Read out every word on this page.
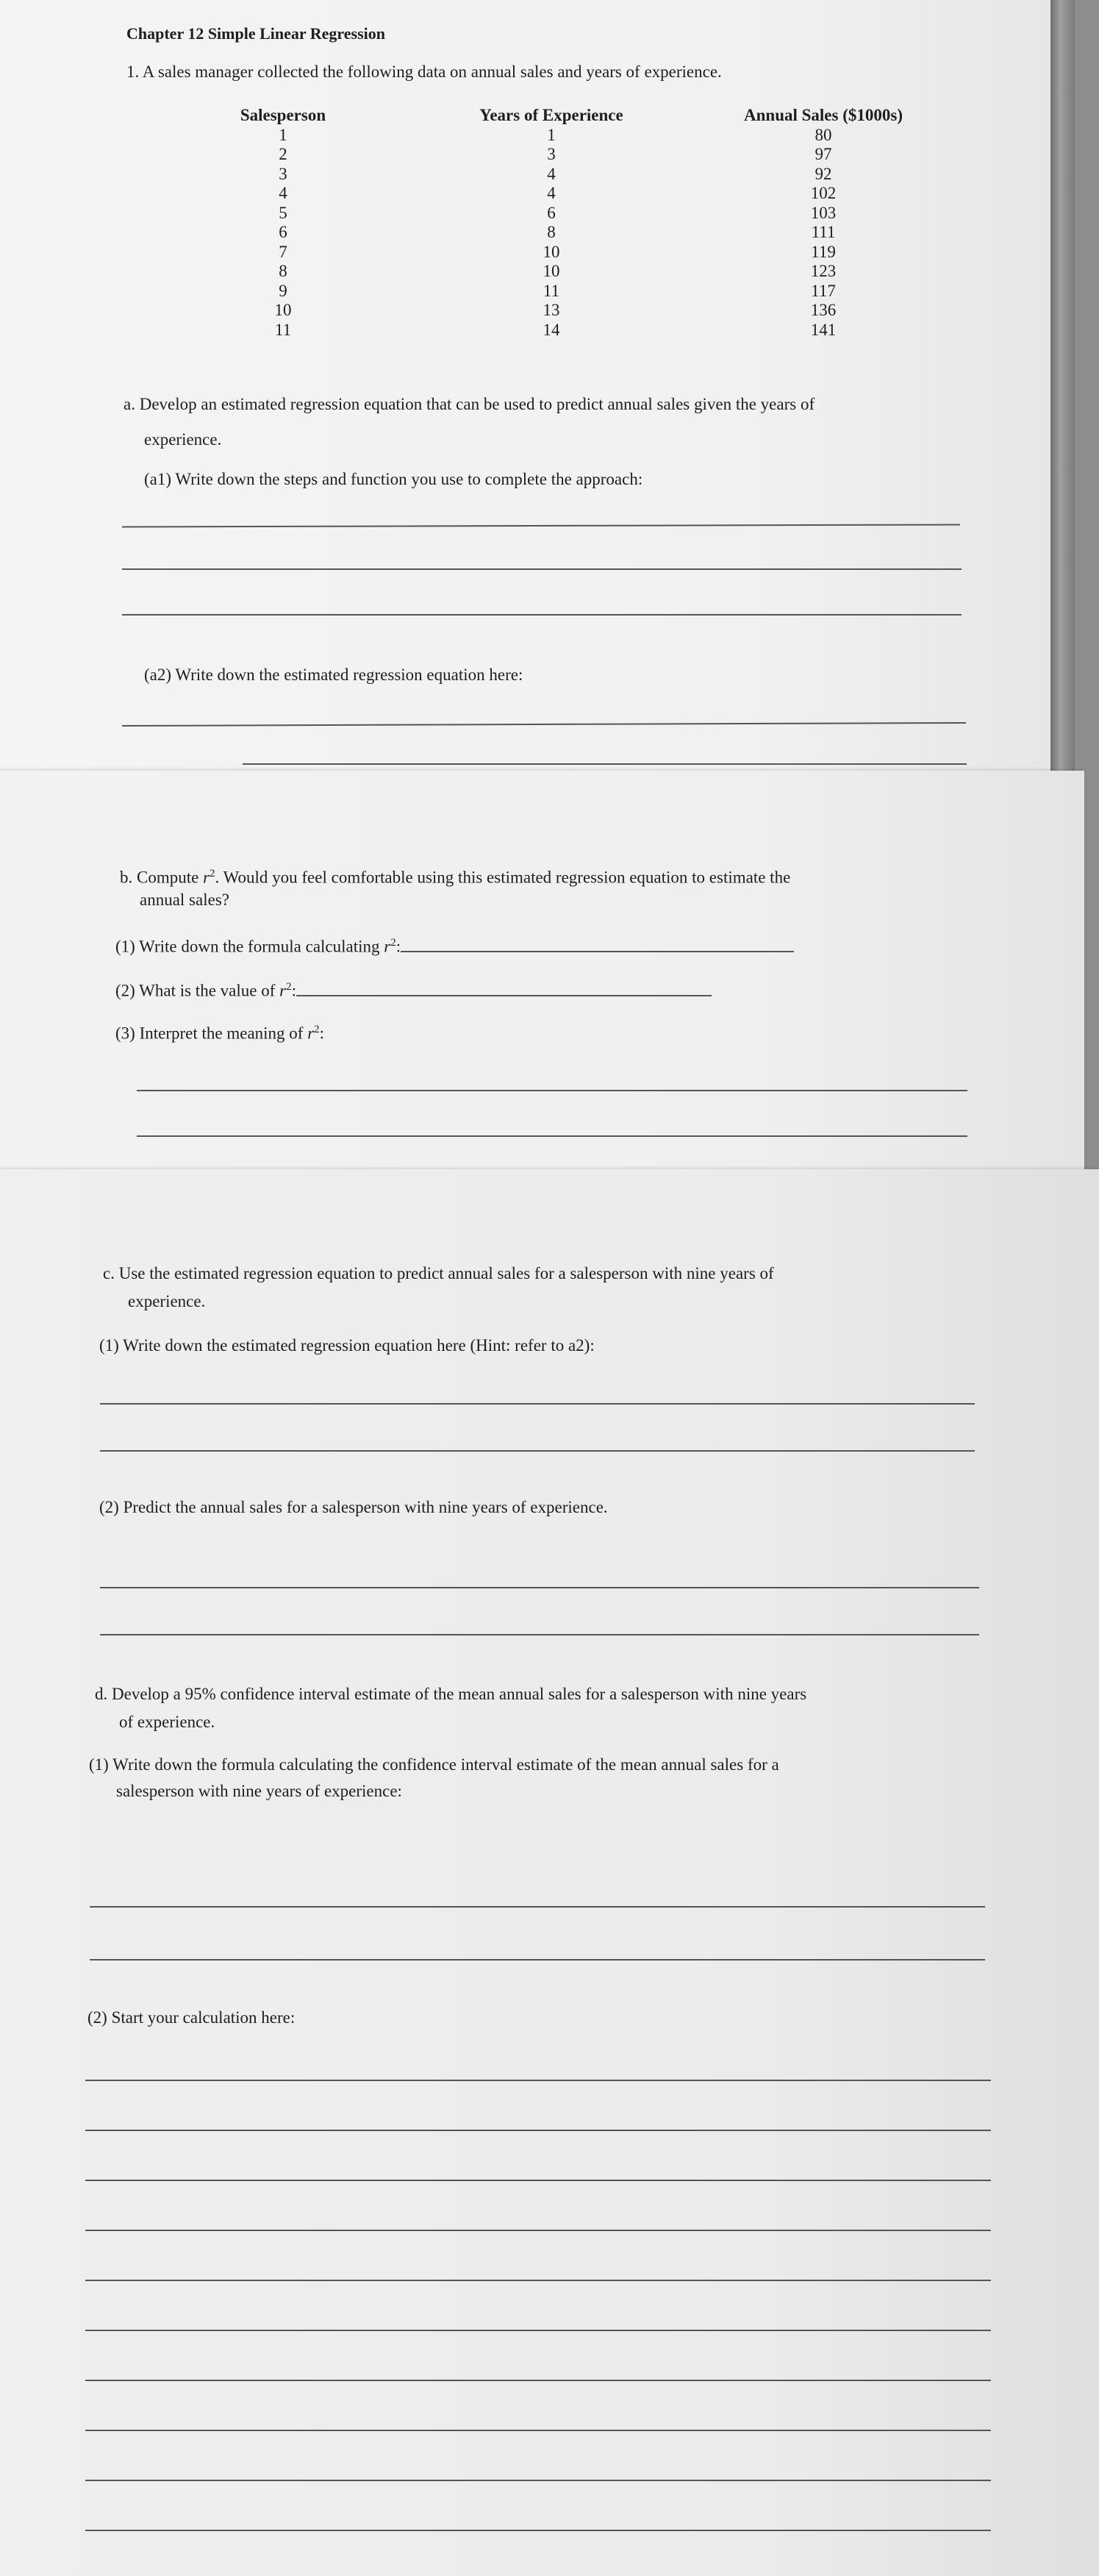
Chapter 12 Simple Linear Regression
1. A sales manager collected the following data on annual sales and years of experience.
Salesperson
1
2
3
4
5
6
7
8
9
10
11
Years of Experience
1
3
4
4
6
8
10
10
11
13
14
Annual Sales ($1000s)
80
97
92
102
103
111
119
123
117
136
141
a. Develop an estimated regression equation that can be used to predict annual sales given the years of
experience.
(a1) Write down the steps and function you use to complete the approach:
(a2) Write down the estimated regression equation here:
b. Compute $r^2$. Would you feel comfortable using this estimated regression equation to estimate the
annual sales?
(1) Write down the formula calculating $r^2$:
(2) What is the value of $r^2$:
(3) Interpret the meaning of $r^2$:
c. Use the estimated regression equation to predict annual sales for a salesperson with nine years of
experience.
(1) Write down the estimated regression equation here (Hint: refer to a2):
(2) Predict the annual sales for a salesperson with nine years of experience.
d. Develop a 95% confidence interval estimate of the mean annual sales for a salesperson with nine years
of experience.
(1) Write down the formula calculating the confidence interval estimate of the mean annual sales for a
salesperson with nine years of experience:
(2) Start your calculation here:
